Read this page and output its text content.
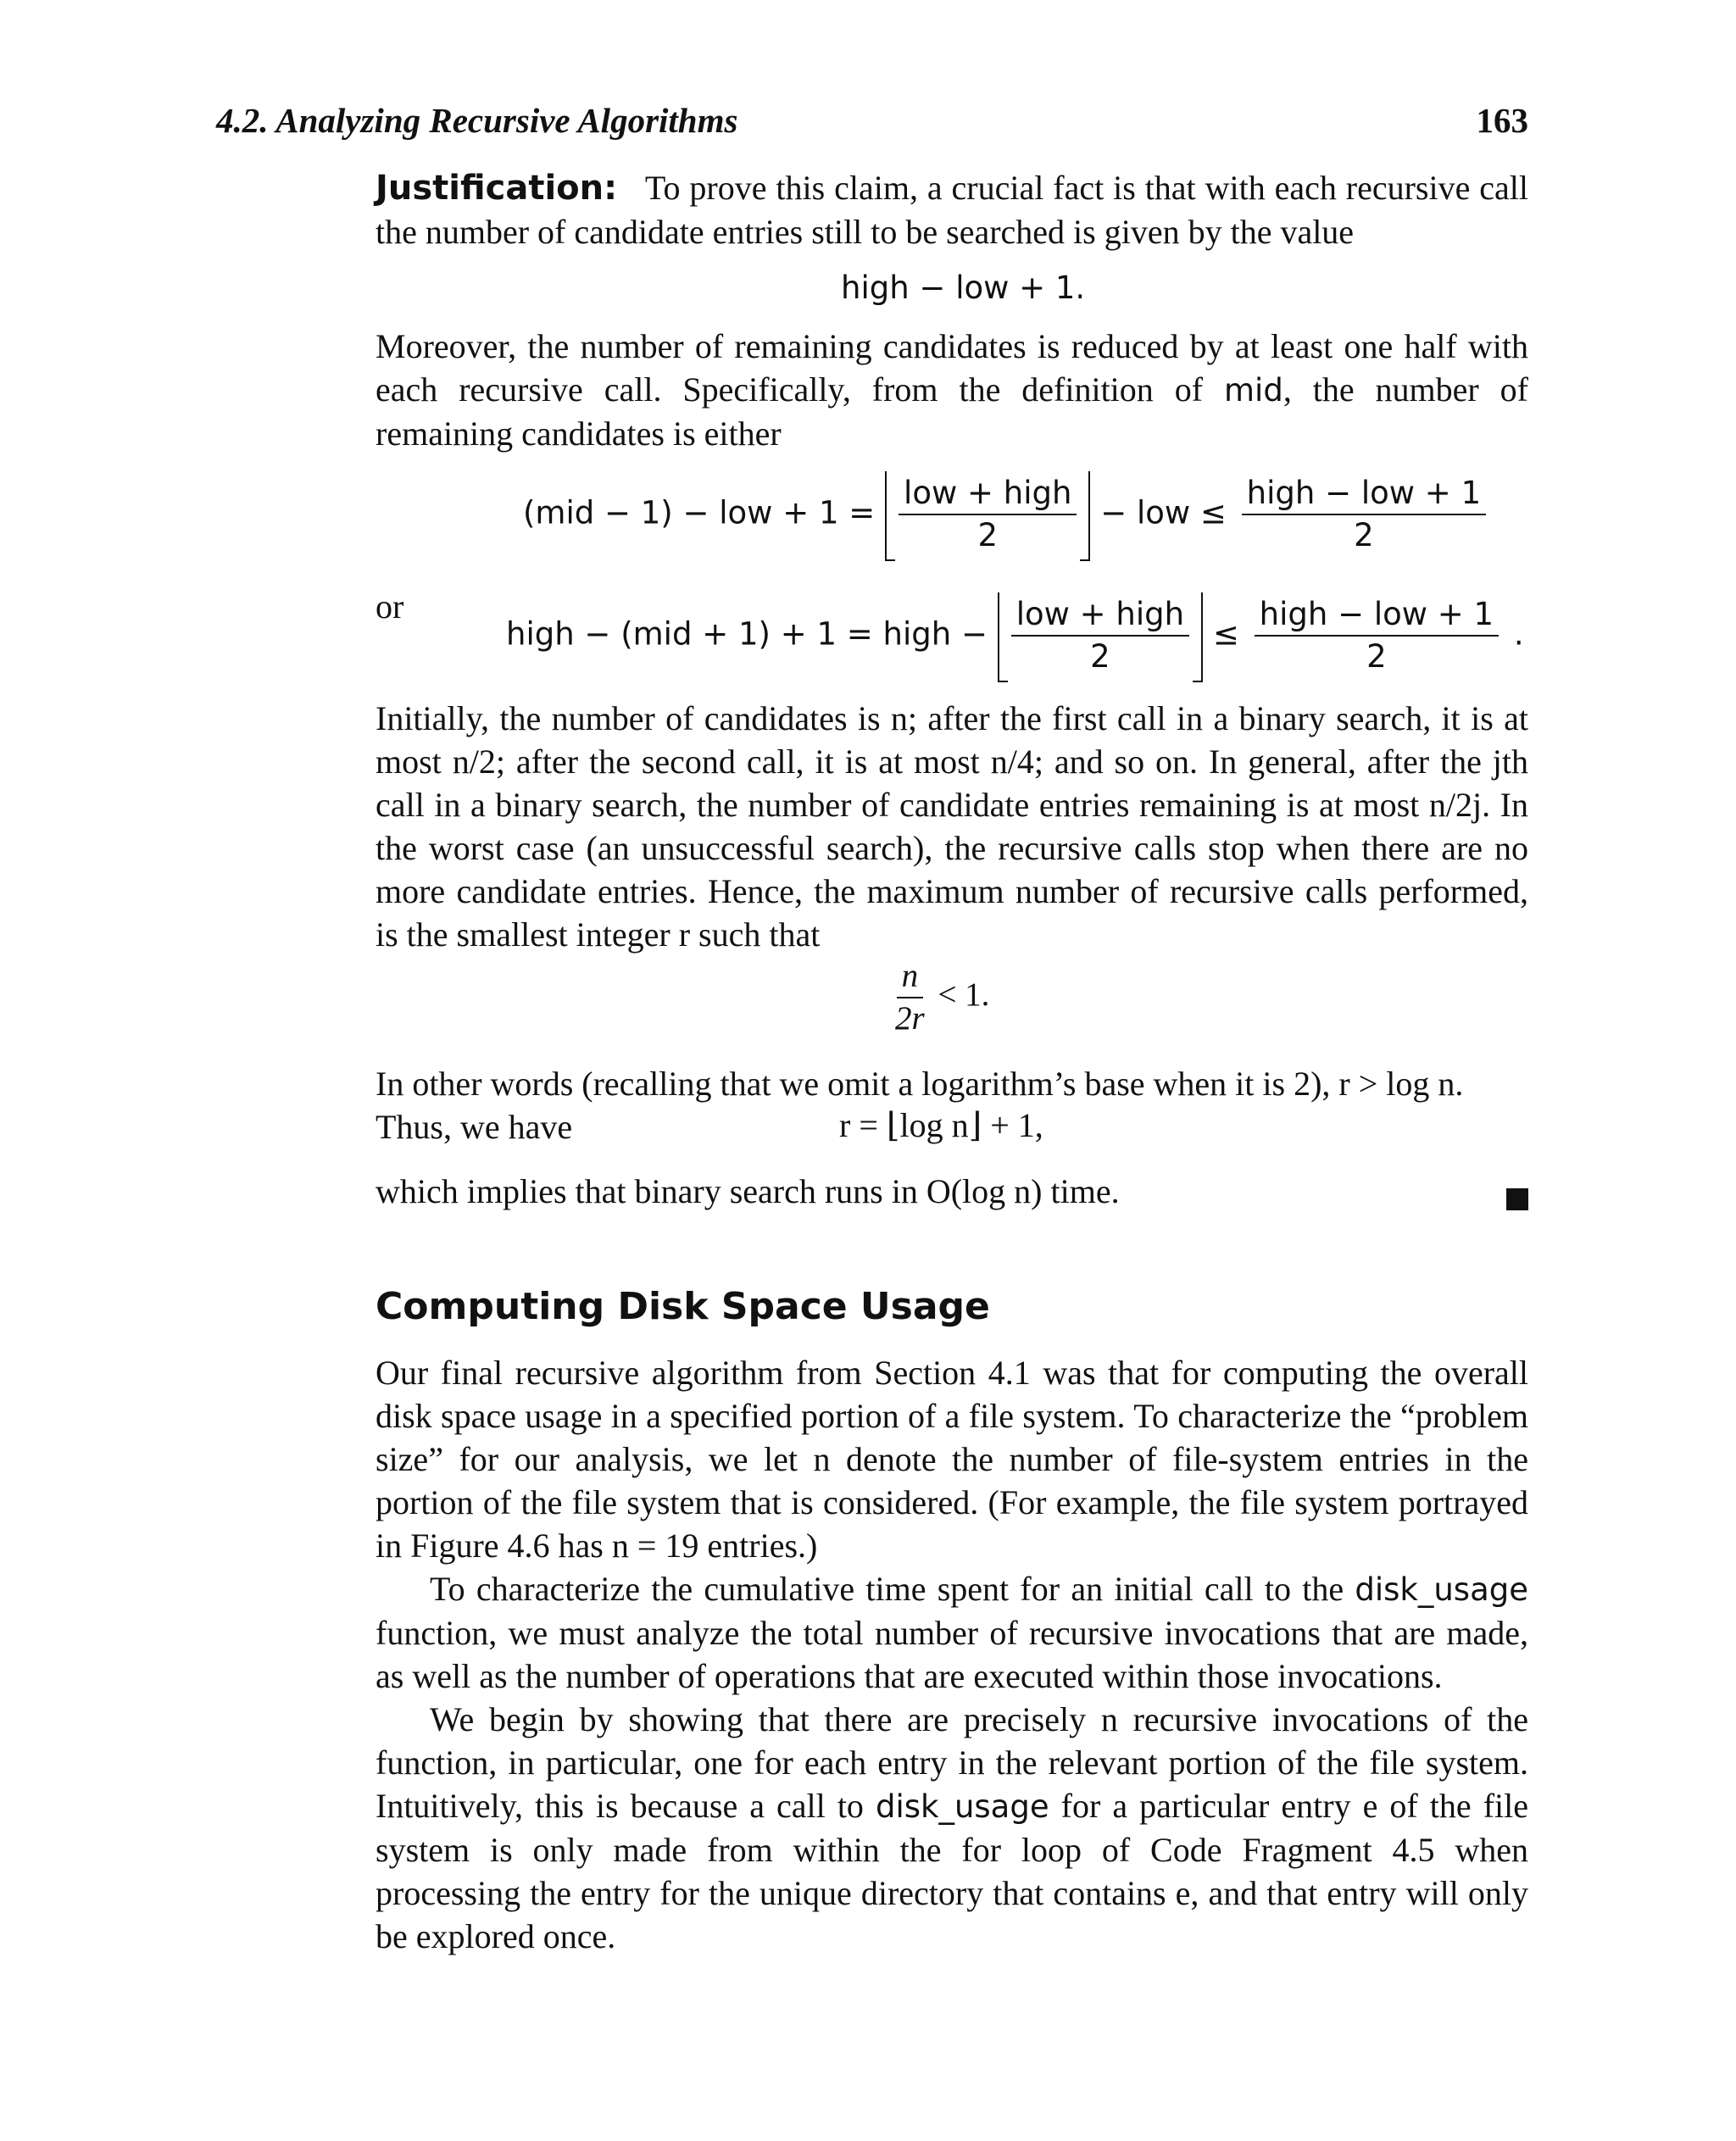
4.2. Analyzing Recursive Algorithms	163

Justification: To prove this claim, a crucial fact is that with each recursive call the number of candidate entries still to be searched is given by the value

high − low + 1.

Moreover, the number of remaining candidates is reduced by at least one half with each recursive call. Specifically, from the definition of mid, the number of remaining candidates is either

(mid − 1) − low + $1 = \frac{\text{low + high}}{2}$ − low ≤ $\frac{\text{high − low + 1}}{2}$
or
high − (mid + 1) + 1 = high − $\frac{\text{low + high}}{2} \le \frac{\text{high − low + 1}}{2}$ .

Initially, the number of candidates is n; after the first call in a binary search, it is at most n/2; after the second call, it is at most n/4; and so on. In general, after the jth call in a binary search, the number of candidate entries remaining is at most n/2j. In the worst case (an unsuccessful search), the recursive calls stop when there are no more candidate entries. Hence, the maximum number of recursive calls performed, is the smallest integer r such that

$\frac{n}{2r} < 1$.

In other words (recalling that we omit a logarithm’s base when it is 2), r > log n.

Thus, we have	r = ⌊log n⌋ + 1,

which implies that binary search runs in O(log n) time.

Computing Disk Space Usage

Our final recursive algorithm from Section 4.1 was that for computing the overall disk space usage in a specified portion of a file system. To characterize the “problem size” for our analysis, we let n denote the number of file-system entries in the portion of the file system that is considered. (For example, the file system portrayed in Figure 4.6 has n = 19 entries.)

To characterize the cumulative time spent for an initial call to the disk_usage function, we must analyze the total number of recursive invocations that are made, as well as the number of operations that are executed within those invocations.

We begin by showing that there are precisely n recursive invocations of the function, in particular, one for each entry in the relevant portion of the file system. Intuitively, this is because a call to disk_usage for a particular entry e of the file system is only made from within the for loop of Code Fragment 4.5 when processing the entry for the unique directory that contains e, and that entry will only be explored once.
